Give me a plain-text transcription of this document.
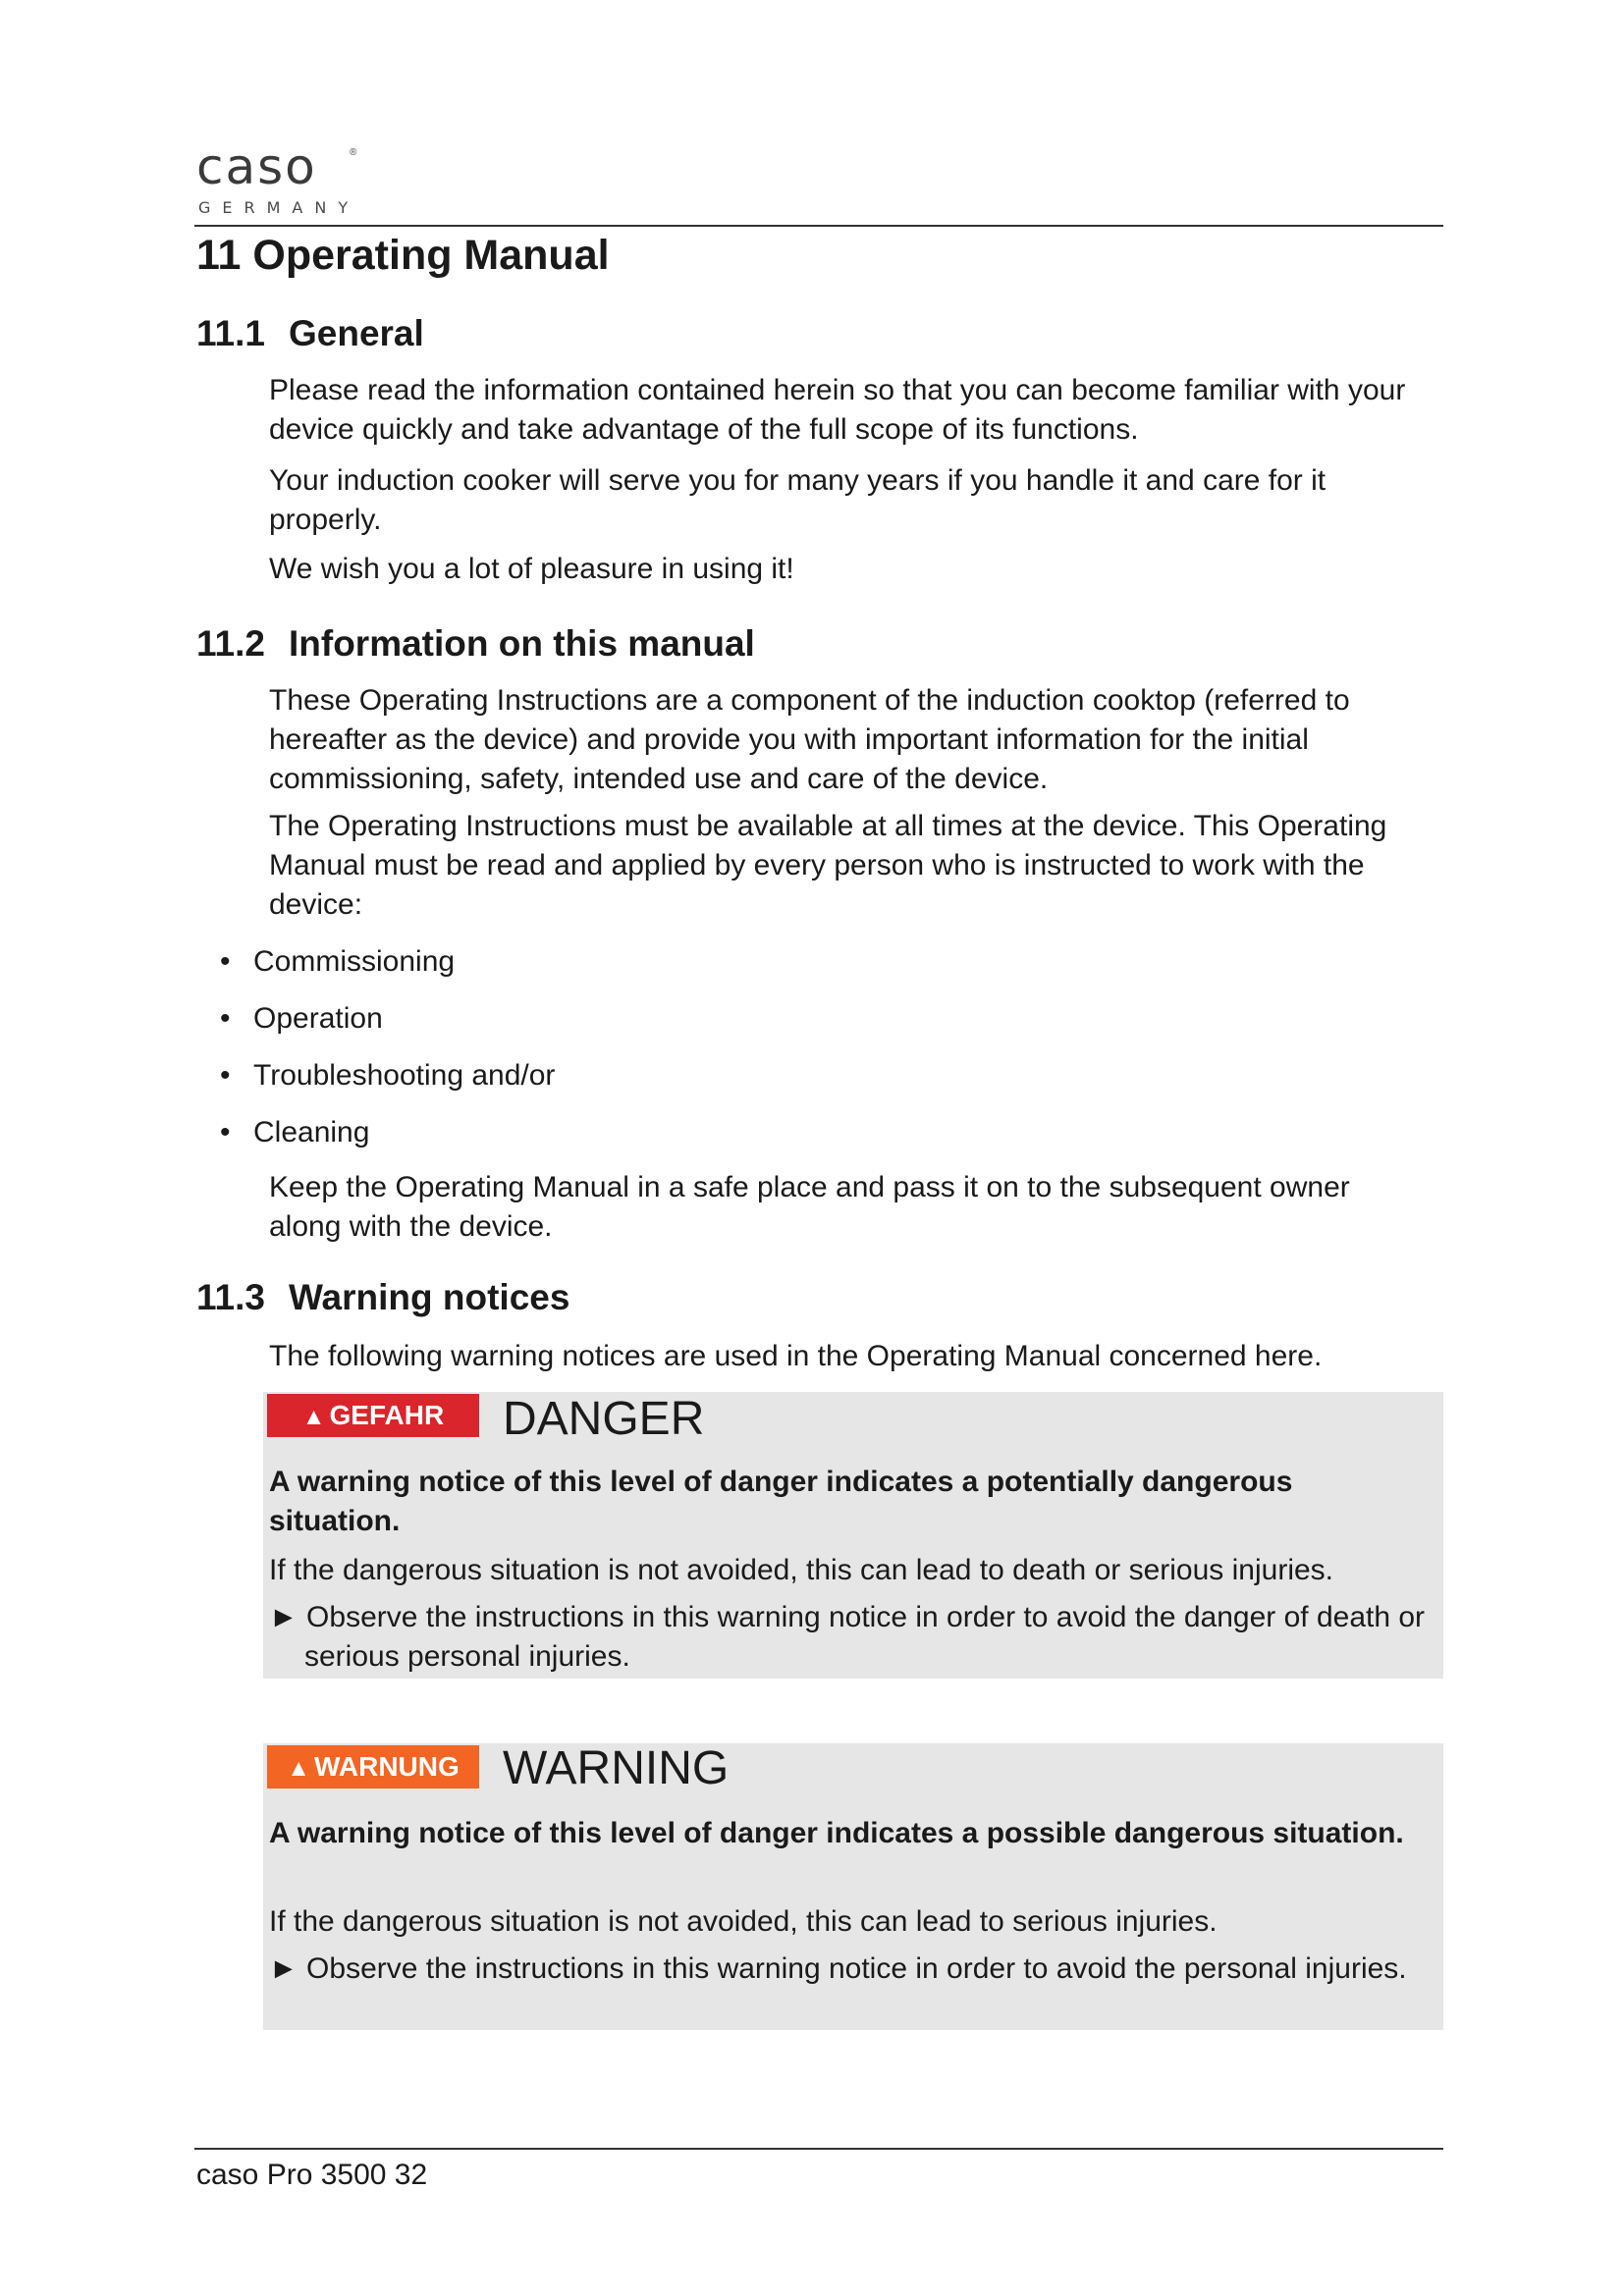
caso	®
GERMANY
11 Operating Manual
11.1 General
Please read the information contained herein so that you can become familiar with your device quickly and take advantage of the full scope of its functions.
Your induction cooker will serve you for many years if you handle it and care for it properly.
We wish you a lot of pleasure in using it!
11.2 Information on this manual
These Operating Instructions are a component of the induction cooktop (referred to hereafter as the device) and provide you with important information for the initial commissioning, safety, intended use and care of the device.
The Operating Instructions must be available at all times at the device. This Operating Manual must be read and applied by every person who is instructed to work with the device:
• Commissioning
• Operation
• Troubleshooting and/or
• Cleaning
Keep the Operating Manual in a safe place and pass it on to the subsequent owner along with the device.
11.3 Warning notices
The following warning notices are used in the Operating Manual concerned here.
▲ GEFAHR	DANGER
A warning notice of this level of danger indicates a potentially dangerous situation.
If the dangerous situation is not avoided, this can lead to death or serious injuries.
► Observe the instructions in this warning notice in order to avoid the danger of death or serious personal injuries.
▲ WARNUNG WARNING
A warning notice of this level of danger indicates a possible dangerous situation.
If the dangerous situation is not avoided, this can lead to serious injuries.
► Observe the instructions in this warning notice in order to avoid the personal injuries.
caso Pro 3500 32
